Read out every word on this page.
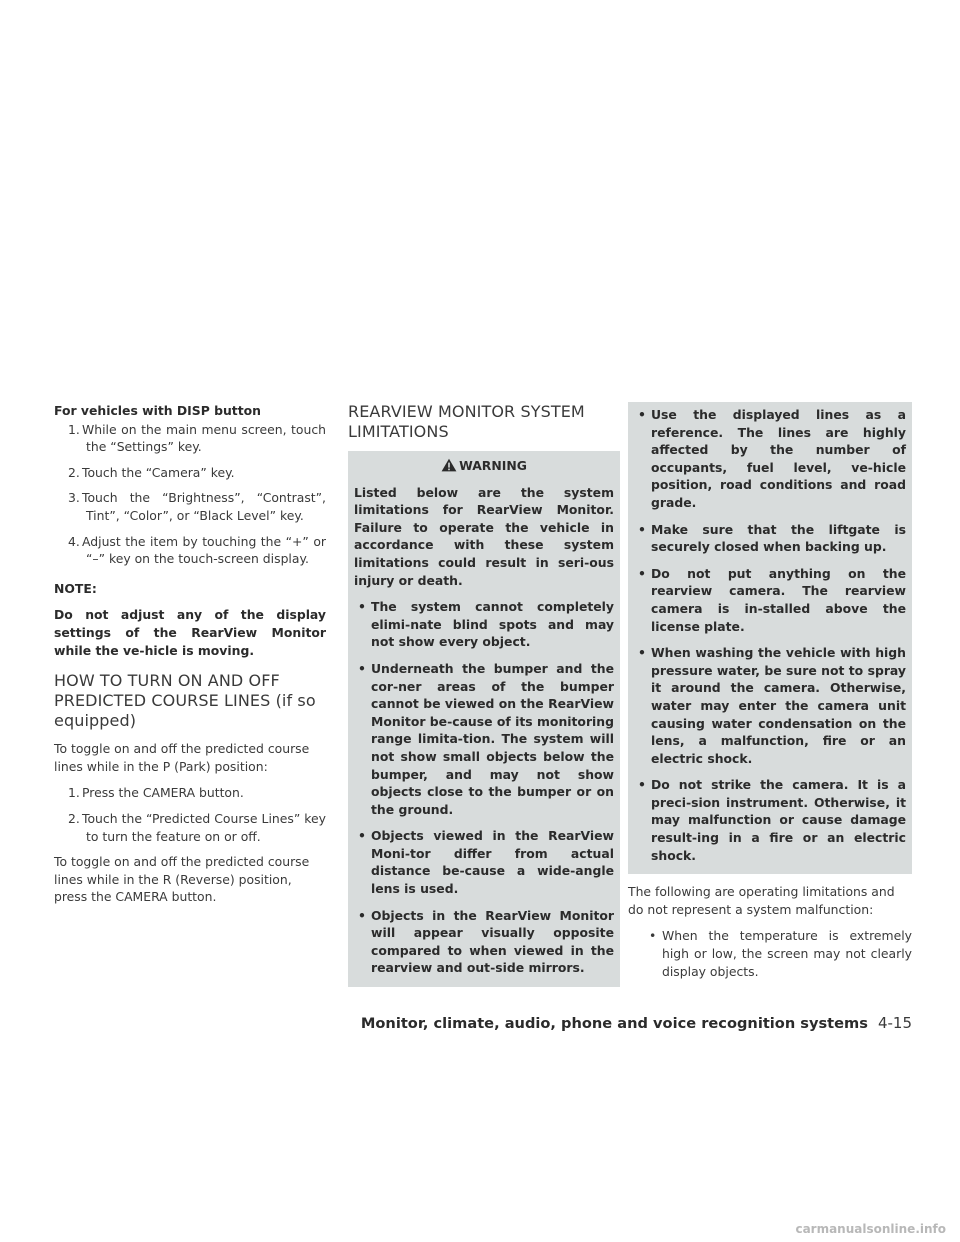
For vehicles with DISP button
1. While on the main menu screen, touch the “Settings” key.
2. Touch the “Camera” key.
3. Touch the “Brightness”, “Contrast”, Tint”, “Color”, or “Black Level” key.
4. Adjust the item by touching the “+” or “–” key on the touch-screen display.
NOTE:
Do not adjust any of the display settings of the RearView Monitor while the ve-hicle is moving.
HOW TO TURN ON AND OFF PREDICTED COURSE LINES (if so equipped)
To toggle on and off the predicted course lines while in the P (Park) position:
1. Press the CAMERA button.
2. Touch the “Predicted Course Lines” key to turn the feature on or off.
To toggle on and off the predicted course lines while in the R (Reverse) position, press the CAMERA button.
REARVIEW MONITOR SYSTEM LIMITATIONS
WARNING
Listed below are the system limitations for RearView Monitor. Failure to operate the vehicle in accordance with these system limitations could result in seri-ous injury or death.
• The system cannot completely elimi-nate blind spots and may not show every object.
• Underneath the bumper and the cor-ner areas of the bumper cannot be viewed on the RearView Monitor be-cause of its monitoring range limita-tion. The system will not show small objects below the bumper, and may not show objects close to the bumper or on the ground.
• Objects viewed in the RearView Moni-tor differ from actual distance be-cause a wide-angle lens is used.
• Objects in the RearView Monitor will appear visually opposite compared to when viewed in the rearview and out-side mirrors.
• Use the displayed lines as a reference. The lines are highly affected by the number of occupants, fuel level, ve-hicle position, road conditions and road grade.
• Make sure that the liftgate is securely closed when backing up.
• Do not put anything on the rearview camera. The rearview camera is in-stalled above the license plate.
• When washing the vehicle with high pressure water, be sure not to spray it around the camera. Otherwise, water may enter the camera unit causing water condensation on the lens, a malfunction, fire or an electric shock.
• Do not strike the camera. It is a preci-sion instrument. Otherwise, it may malfunction or cause damage result-ing in a fire or an electric shock.
The following are operating limitations and do not represent a system malfunction:
• When the temperature is extremely high or low, the screen may not clearly display objects.
Monitor, climate, audio, phone and voice recognition systems 4-15
carmanualsonline.info
